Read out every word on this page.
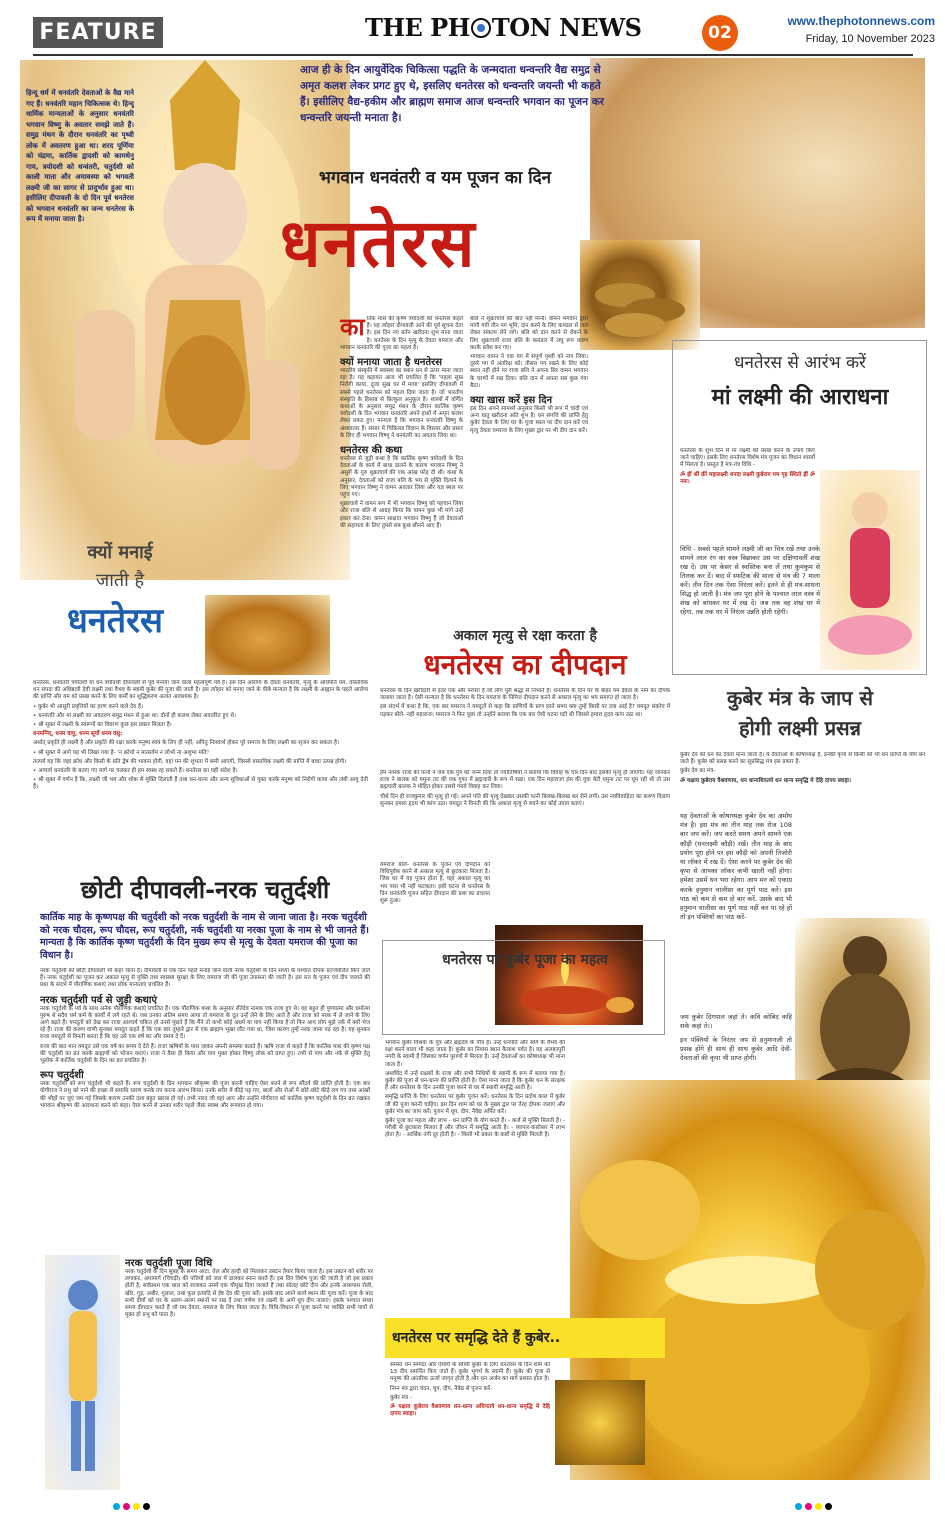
FEATURE	THE PH TON NEWS	02
www.thephotonnews.com
Friday, 10 November 2023
हिन्दू धर्म में धनवंतरि देवताओं के वैद्य माने गए हैं। धनवंतरि महान चिकित्सक थे। हिन्दू धार्मिक मान्यताओं के अनुसार धनवंतरि भगवान विष्णु के अवतार समझे जाते हैं। समुद्र मंथन के दौरान धनवंतरि का पृथ्वी लोक में अवतरण हुआ था। शरद पूर्णिमा को चंद्रमा, कार्तिक द्वादशी को कामधेनु गाय, त्रयोदशी को धन्वंतरी, चतुर्दशी को काली माता और अमावस्या को भगवती लक्ष्मी जी का सागर से प्रादुर्भाव हुआ था। इसीलिए दीपावली के दो दिन पूर्व धनतेरस को भगवान धनवंतरि का जन्म धनतेरस के रूप में मनाया जाता है।
आज ही के दिन आयुर्वेदिक चिकित्सा पद्धति के जन्मदाता धन्वन्तरि वैद्य समुद्र से अमृत कलश लेकर प्रगट हुए थे, इसलिए धनतेरस को धन्वन्तरि जयन्ती भी कहते हैं। इसीलिए वैद्य-हकीम और ब्राह्मण समाज आज धन्वन्तरि भगवान का पूजन कर धन्वन्तरि जयन्ती मनाता है।
भगवान धनवंतरी व यम पूजन का दिन
धनतेरस
का र्तिक मास की कृष्ण त्रयोदशी को धनतेरस कहते हैं। यह त्योहार दीपावली आने की पूर्व सूचना देता है। इस दिन नए बर्तन खरीदना शुभ माना जाता है। धनतेरस के दिन मृत्यु के देवता यमराज और भगवान धनवंतरि की पूजा का महत्व है।

क्यों मनाया जाता है धनतेरस

भारतीय संस्कृति में स्वास्थ्य का स्थान धन से ऊपर माना जाता रहा है। यह कहावत आज भी प्रचलित है कि 'पहला सुख निरोगी काया, दूजा सुख घर में माया' इसलिए दीपावली में सबसे पहले धनतेरस को महत्व दिया जाता है। जो भारतीय संस्कृति के हिसाब से बिल्कुल अनुकूल है। शास्त्रों में वर्णित कथाओं के अनुसार समुद्र मंथन के दौरान कार्तिक कृष्ण त्रयोदशी के दिन भगवान धनवंतरि अपने हाथों में अमृत कलश लेकर प्रकट हुए। मान्यता है कि भगवान धनवंतरि विष्णु के अंशावतार हैं। संसार में चिकित्सा विज्ञान के विस्तार और प्रसार के लिए ही भगवान विष्णु ने धनवंतरि का अवतार लिया था।

धनतेरस की कथा

धनतेरस से जुड़ी कथा है कि कार्तिक कृष्ण त्रयोदशी के दिन देवताओं के कार्य में बाधा डालने के कारण भगवान विष्णु ने असुरों के गुरु शुक्राचार्य की एक आंख फोड़ दी थी। कथा के अनुसार, देवताओं को राजा बलि के भय से मुक्ति दिलाने के लिए भगवान विष्णु ने वामन अवतार लिया और यज्ञ स्थल पर पहुंच गए।

शुक्राचार्य ने वामन रूप में भी भगवान विष्णु को पहचान लिया और राजा बलि से आग्रह किया कि वामन कुछ भी मांगे उन्हें इंकार कर देना। वामन साक्षात भगवान विष्णु हैं जो देवताओं की सहायता के लिए तुमसे सब कुछ छीनने आए हैं।

बलि ने शुक्राचार्य की बात नहीं मानी। वामन भगवान द्वारा मांगी गयी तीन पग भूमि, दान करने के लिए कमंडल से जल लेकर संकल्प लेने लगे। बलि को दान करने से रोकने के लिए शुक्राचार्य राजा बलि के कमंडल में लघु रूप धारण करके प्रवेश कर गए।

भगवान वामन ने एक पग में संपूर्ण पृथ्वी को नाप लिया। दूसरे पग में अंतरिक्ष को। तीसरा पग रखने के लिए कोई स्थान नहीं होने पर राजा बलि ने अपना सिर वामन भगवान के चरणों में रख दिया। बलि दान में अपना सब कुछ गंवा बैठा।

क्या खास करें इस दिन

इस दिन अपने सामर्थ्य अनुसार किसी भी रूप में चांदी एवं अन्य धातु खरीदना अति शुभ है। धन संपत्ति की प्राप्ति हेतु कुबेर देवता के लिए घर के पूजा स्थल पर दीप दान करें एवं मृत्यु देवता यमराज के लिए मुख्य द्वार पर भी दीप दान करें।

क्यों मनाई
जाती है
धनतेरस

धनतेरस, धनवंतरी त्रयोदशी या धन त्रयोदशी दीपावली से पूर्व मनाया जाने वाला महत्वपूर्ण पर्व है। इस दिन आरोग्य के देवता धनवंतरि, मृत्यु के अधिपति यम, वास्तविक धन संपदा की अधिष्ठात्री देवी लक्ष्मी तथा वैभव के स्वामी कुबेर की पूजा की जाती है। इस त्योहार को मनाए जाने के पीछे मान्यता है कि लक्ष्मी के आह्वान के पहले आरोग्य की प्राप्ति और यम को प्रसन्न करने के लिए कर्मों का शुद्धिकरण अत्यंत आवश्यक है।

• कुबेर भी आसुरी प्रवृत्तियों का हरण करने वाले देव हैं।

• धनवंतरि और मां लक्ष्मी का अवतरण समुद्र मंथन से हुआ था। दोनों ही कलश लेकर अवतरित हुए थे।

• श्री सूक्त में लक्ष्मी के स्वरूपों का विवरण कुछ इस प्रकार मिलता है।

धनमग्निर्, धनम वायु, धनम सूर्यो धनम वसु:

अर्थात् प्रकृति ही लक्ष्मी है और प्रकृति की रक्षा करके मनुष्य स्वयं के लिए ही नहीं, अपितु निःस्वार्थ होकर पूरे समाज के लिए लक्ष्मी का सृजन कर सकता है।

• श्री सूक्त में आगे यह भी लिखा गया है- 'न क्रोधो न मात्सर्यम न लोभो ना अशुभा मतिः'

तात्पर्य यह कि जहां क्रोध और किसी के प्रति द्वेष की भावना होगी, वहां मन की शुभता में कमी आएगी, जिससे वास्तविक लक्ष्मी की प्राप्ति में बाधा उत्पन्न होगी।

• आचार्य धनवंतरि के बताए गए मार्ग पर चलकर ही हम स्वस्थ रह सकते हैं। धनतेरस का यही संदेश है।

• श्री सूक्त में वर्णन है कि, लक्ष्मी जी भय और शोक से मुक्ति दिलाती हैं तथा धन-धान्य और अन्य सुविधाओं से युक्त करके मनुष्य को निरोगी काया और लंबी आयु देती हैं।

अकाल मृत्यु से रक्षा करता है
धनतेरस का दीपदान

धनतेरस के दिन खरीदारी से इतर एक और परंपरा है जो लोग पूरी श्रद्धा से निभाते हैं। धनतेरस के दिन घर के बाहर यम देवता के नाम का दीपक जलाया जाता है। ऐसी मान्यता है कि धनतेरस के दिन यमराज के निमित्त दीपदान करने से अकाल मृत्यु का भय समाप्त हो जाता है।

इस संदर्भ में कथा है कि, एक बार यमराज ने यमदूतों से कहा कि प्राणियों के प्राण हरते समय क्या तुम्हें किसी पर दया आई है? यमदूत संकोच में पड़कर बोले- नहीं महाराज। यमराज ने फिर पूछा तो उन्होंने बताया कि एक बार ऐसी घटना घटी थी जिससे हमारा हृदय कांप उठा था।

हेम नामक राजा की पत्नी ने जब एक पुत्र को जन्म दिया तो ज्योतिषियों ने बताया कि विवाह के चार दिन बाद इसकी मृत्यु हो जाएगी। यह जानकर राजा ने बालक को यमुना तट की एक गुफा में ब्रह्मचारी के रूप में रखा। एक दिन महाराजा हंस की युवा बेटी यमुना तट पर घूम रही थी तो उस ब्रह्मचारी बालक ने मोहित होकर उससे गंधर्व विवाह कर लिया।

चौथे दिन ही राजकुमार की मृत्यु हो गई। अपने पति की मृत्यु देखकर उसकी पत्नी बिलख-बिलख कर रोने लगी। उस नवविवाहिता का करुण विलाप सुनकर हमारा हृदय भी कांप उठा। यमदूत ने विनती की कि अकाल मृत्यु से बचने का कोई उपाय बताएं।

यमराज बोले- धनतेरस के पूजन एवं दीपदान को विधिपूर्वक करने से अकाल मृत्यु से छुटकारा मिलता है। जिस घर में यह पूजन होता है, वहां अकाल मृत्यु का भय पास भी नहीं फटकता। इसी घटना से धनतेरस के दिन धनवंतरि पूजन सहित दीपदान की प्रथा का प्रचलन शुरू हुआ।

धनतेरस से आरंभ करें
मां लक्ष्मी की आराधना

धनतेरस के शुभ दिन से मां लक्ष्मी को प्रसन्न करने के उपाय किए जाने चाहिए। इसके लिए धनतेरस विशेष मंत्र पूजन का विधान शास्त्रों में मिलता है। प्रस्तुत है मंत्र-तंत्र विधि -

ॐ ह्रीं श्रीं क्रीं महालक्ष्मी धनदा लक्ष्मी कुबेराय मम गृह स्थितो ह्रीं ॐ नमः।

विधि - सबसे पहले सामने लक्ष्मी जी का चित्र रखें तथा उनके सामने लाल रंग का वस्त्र बिछाकर उस पर दक्षिणावर्ती शंख रख दें। उस पर केसर से स्वस्तिक बना लें तथा कुमकुम से तिलक कर दें। बाद में स्फटिक की माला से मंत्र की 7 माला करें। तीन दिन तक ऐसा निरंतर करें। इतने से ही मंत्र-साधना सिद्ध हो जाती है। मंत्र जप पूरा होने के पश्चात लाल वस्त्र में शंख को बांधकर घर में रख दें। जब तक वह शंख घर में रहेगा, तब तक घर में निरंतर उन्नति होती रहेगी।
कुबेर मंत्र के जाप से
होगी लक्ष्मी प्रसन्न

कुबेर देव को धन का देवता माना जाता है। ये देवताओं के कोषाध्यक्ष हैं, इनकी कृपा से किसी को भी धन प्राप्ति के योग बन जाते हैं। कुबेर को प्रसन्न करने का सुप्रसिद्ध मंत्र इस प्रकार है-

कुबेर देव का मंत्र-

ॐ यक्षाय कुबेराय वैश्रवणाय, धन धान्यधिपतये धन धान्य समृद्धि मे देहि दापय स्वाहा।

यह देवताओं के कोषाध्यक्ष कुबेर देव का अमोघ मंत्र है। इस मंत्र का तीन माह तक रोज 108 बार जप करें। जप करते समय अपने सामने एक कौड़ी (धनलक्ष्मी कौड़ी) रखें। तीन माह के बाद प्रयोग पूरा होने पर इस कौड़ी को अपनी तिजोरी या लॉकर में रख दें। ऐसा करने पर कुबेर देव की कृपा से आपका लॉकर कभी खाली नहीं होगा। हमेशा उसमें धन भरा रहेगा। आप मन को एकाग्र करके हनुमान चालीसा का पूर्ण पाठ करें। इस पाठ को कम से कम दो बार करें, उसके बाद भी हनुमान चालीसा का पूर्ण पाठ नहीं कर पा रहे हों तो इन पंक्तियों का पाठ करें-
जम कुबेर दिगपाल जहां ते। कवि कोबिद कहि सके कहां ते।।
इन पंक्तियों के निरंतर जप से हनुमानजी तो प्रसन्न होंगे ही साथ ही साथ कुबेर आदि देवी-देवताओं की कृपा भी प्राप्त होगी।
छोटी दीपावली-नरक चतुर्दशी
कार्तिक माह के कृष्णपक्ष की चतुर्दशी को नरक चतुर्दशी के नाम से जाना जाता है। नरक चतुर्दशी को नरक चौदस, रूप चौदस, रूप चतुर्दशी, नर्क चतुर्दशी या नरका पूजा के नाम से भी जानते हैं। मान्यता है कि कार्तिक कृष्ण चतुर्दशी के दिन मुख्य रूप से मृत्यु के देवता यमराज की पूजा का विधान है।

नरक चतुर्दशी को छोटी दीपावली भी कहा जाता है। दीपावली से एक दिन पहले मनाई जाने वाली नरक चतुर्दशी के दिन संध्या के पश्चात दीपक प्रज्जवलित किए जाते हैं। नरक चतुर्दशी का पूजन कर अकाल मृत्यु से मुक्ति तथा स्वास्थ्य सुरक्षा के लिए यमराज जी की पूजा उपासना की जाती है। इस रात के पूजन एवं दीप जलाने की प्रथा के संदर्भ में पौराणिक कथाएं तथा लोक मान्यताएं प्रचलित हैं।

नरक चतुर्दशी पर्व से जुड़ी कथाएं

नरक चतुर्दशी के पर्व के साथ अनेक पौराणिक कथाएं प्रचलित हैं। एक पौराणिक कथा के अनुसार रंतिदेव नामक एक राजा हुए थे। वह बहुत ही पुण्यात्मा और धर्मात्मा पुरुष थे सदैव धर्म कर्म के कार्यों में लगे रहते थे। जब उनका अंतिम समय आया तो यमराज के दूत उन्हें लेने के लिए आते हैं और राजा को नरक में ले जाने के लिए आगे बढ़ते हैं। यमदूतों को देख कर राजा आश्चर्य चकित हो उनसे पूछते हैं कि मैंने तो कभी कोई अधर्म या पाप नहीं किया है तो फिर आप लोग मुझे नर्क में क्यों भेज रहे हैं। राजा की करुण वाणी सुनकर यमदूत कहते हैं कि एक बार तुम्हारे द्वार से एक ब्राह्मण भूखा लौट गया था, जिस कारण तुम्हें नरक जाना पड़ रहा है। यह सुनकर राजा यमदूतों से विनती करता है कि वह उसे एक वर्ष का और समय दे दें।

राजा की बात मान यमदूत उसे एक वर्ष का समय दे देते हैं। राजा ऋषियों के पास जाकर अपनी समस्या बताते हैं। ऋषि राजा से कहते हैं कि कार्तिक मास की कृष्ण पक्ष की चतुर्दशी का व्रत करके ब्राह्मणों को भोजन कराएं। राजा ने वैसा ही किया और पाप मुक्त होकर विष्णु लोक को प्राप्त हुए। तभी से पाप और नर्क से मुक्ति हेतु भूलोक में कार्तिक चतुर्दशी के दिन का व्रत प्रचलित है।

रूप चतुर्दशी

नरक चतुर्दशी को रूप चतुर्दशी भी कहते हैं। रूप चतुर्दशी के दिन भगवान श्रीकृष्ण की पूजा करनी चाहिए ऐसा करने से रूप सौंदर्य की प्राप्ति होती है। एक बार योगीराज ने प्रभु को पाने की इच्छा से समाधि धारण करके तप करना आरंभ किया। उनके शरीर में कीड़े पड़ गए, बालों और रोओं में छोटे-छोटे कीड़े लग गए तथा आंखों की भौहों पर जुएं जम गई जिसके कारण उनकी दशा बहुत खराब हो गई। तभी नारद जी वहां आए और उन्होंने योगीराज को कार्तिक कृष्ण चतुर्दशी के दिन व्रत रखकर भगवान श्रीकृष्ण की आराधना करने को कहा। ऐसा करने से उनका शरीर पहले जैसा स्वस्थ और रूपवान हो गया।

नरक चतुर्दशी पूजा विधि

नरक चतुर्दशी के दिन सुबह के समय आटा, तेल और हल्दी को मिलाकर उबटन तैयार किया जाता है। इस उबटन को शरीर पर लगाकर, अपामार्ग (चिचड़ी) की पत्तियों को जल में डालकर स्नान करते हैं। इस दिन विशेष पूजा की जाती है जो इस प्रकार होती है, सर्वप्रथम एक थाल को सजाकर उसमें एक चौमुख दिया जलाते हैं तथा सोलह छोटे दीप और इनके आसपास रोली, खीर, गुड़, अबीर, गुलाल, तथा फूल इत्यादि से ईष्ट देव की पूजा करें। इसके बाद अपने कार्य स्थान की पूजा करें। पूजा के बाद सभी दीयों को घर के अलग-अलग स्थानों पर रख दें तथा गणेश एवं लक्ष्मी के आगे धूप दीप जलाएं। इसके पश्चात संध्या समय दीपदान करते हैं जो यम देवता, यमराज के लिए किया जाता है। विधि-विधान से पूजा करने पर व्यक्ति सभी पापों से मुक्त हो प्रभु को पाता है।

धनतेरस पर कुबेर पूजा का महत्व

भगवान कुबेर विश्रवा के पुत्र और ब्रह्मदेव के पौत्र हैं। उन्हें धनपति और स्वर्ग के वैभव की रक्षा करने वाला भी कहा जाता है। कुबेर का निवास स्थान कैलाश पर्वत है। यह अलकापुरी नगरी के स्वामी हैं जिसका वर्णन पुराणों में मिलता है। उन्हें देवताओं का कोषाध्यक्ष भी माना जाता है।

अथर्ववेद में उन्हें राक्षसों के राजा और सभी निधियों के स्वामी के रूप में बताया गया है। कुबेर की पूजा से धन-धान्य की प्राप्ति होती है। ऐसा माना जाता है कि कुबेर धन के संरक्षक हैं और धनतेरस के दिन उनकी पूजा करने से घर में स्थायी समृद्धि आती है।

समृद्धि प्राप्ति के लिए धनतेरस पर कुबेर पूजन करें। धनतेरस के दिन प्रदोष काल में कुबेर जी की पूजा करनी चाहिए। इस दिन शाम को घर के मुख्य द्वार पर तेरह दीपक जलाएं और कुबेर मंत्र का जाप करें। पूजन में धूप, दीप, नैवेद्य अर्पित करें।

कुबेर पूजा का महत्व और लाभ - धन प्राप्ति के योग बनते हैं। - कर्ज से मुक्ति मिलती है। - गरीबी से छुटकारा मिलता है और जीवन में समृद्धि आती है। - व्यापार-कारोबार में लाभ होता है। - आर्थिक तंगी दूर होती है। - किसी भी प्रकार के कष्टों से मुक्ति मिलती है।

धनतेरस पर समृद्धि देते हैं कुबेर..

समस्त धन सम्पदा और ऐश्वर्य के स्वामी कुबेर के लिए धनतेरस के दिन शाम को 13 दीप समर्पित किए जाते हैं। कुबेर भूगर्भ के स्वामी हैं। कुबेर की पूजा से मनुष्य की आंतरिक ऊर्जा जागृत होती है और धन अर्जन का मार्ग प्रशस्त होता है।

निम्न मंत्र द्वारा चंदन, धूप, दीप, नैवेद्य से पूजन करें-

कुबेर मंत्र -

ॐ यक्षाय कुबेराय वैश्रवणाय धन-धान्य अधिपतये धन-धान्य समृद्धि मे देहि दापय स्वाहा।
